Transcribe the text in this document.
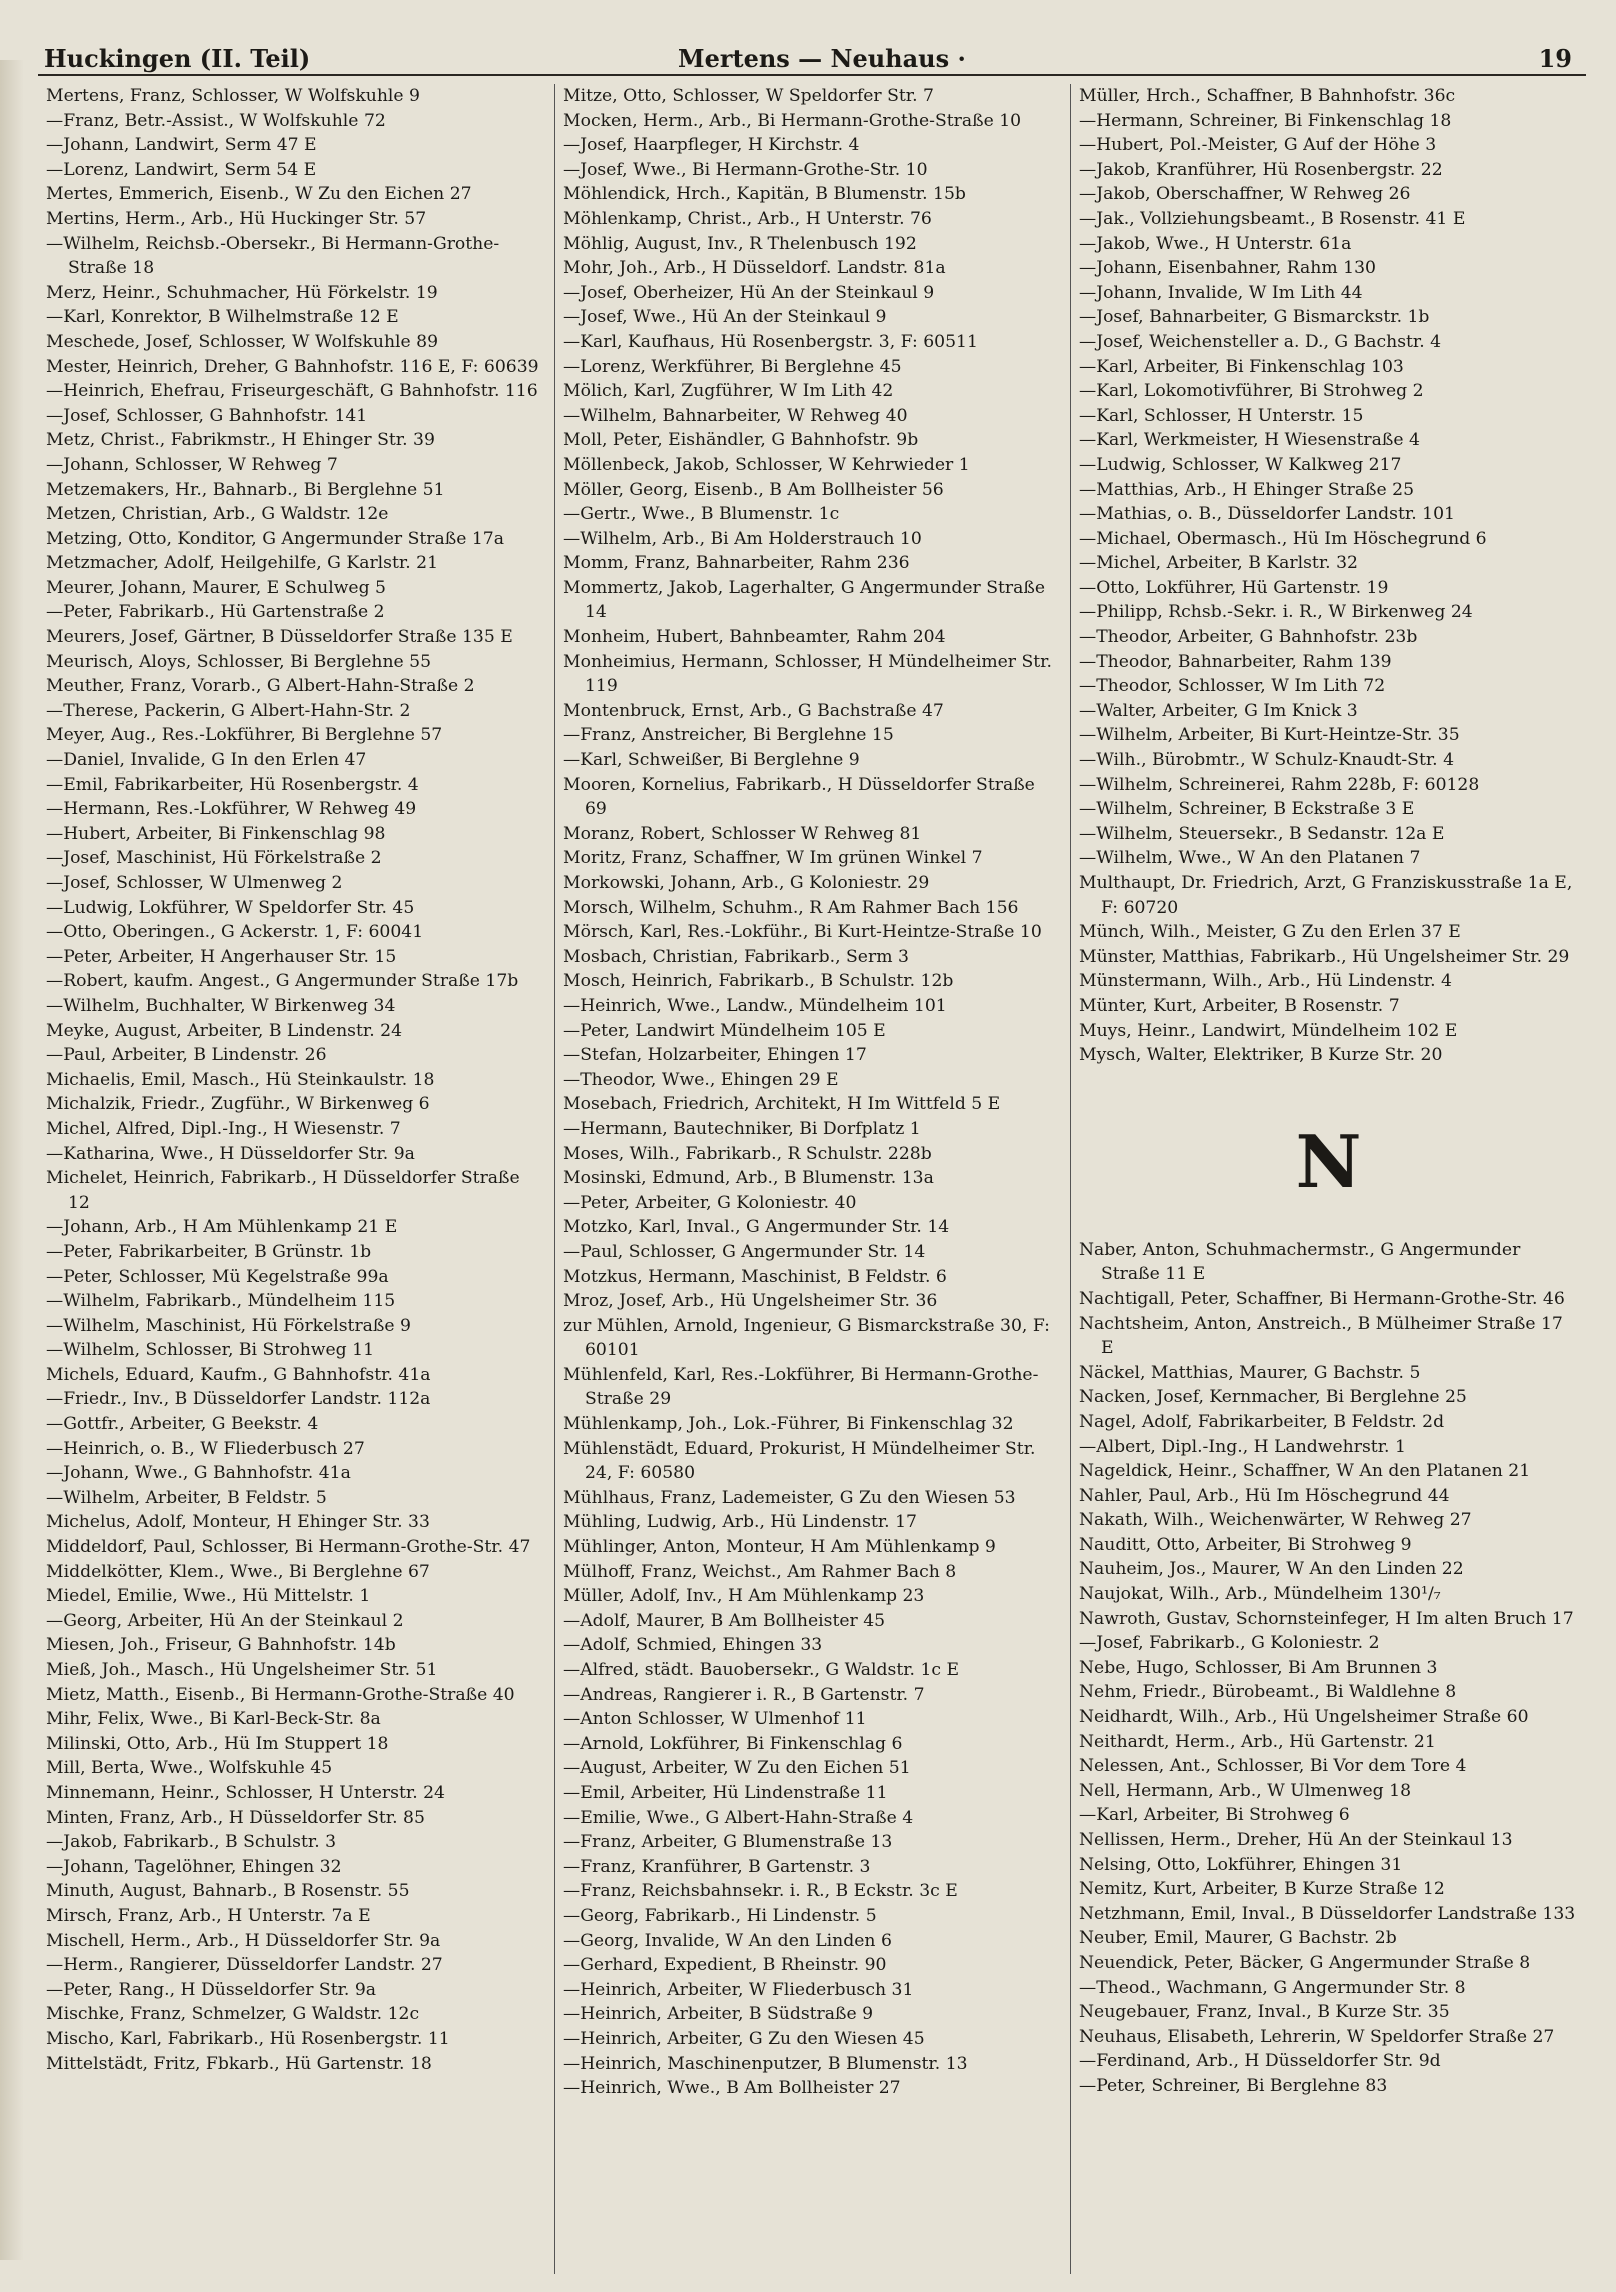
Huckingen (II. Teil)	Mertens — Neuhaus ·	19
Mertens, Franz, Schlosser, W Wolfskuhle 9
—Franz, Betr.-Assist., W Wolfskuhle 72
—Johann, Landwirt, Serm 47 E
—Lorenz, Landwirt, Serm 54 E
Mertes, Emmerich, Eisenb., W Zu den Eichen 27
Mertins, Herm., Arb., Hü Huckinger Str. 57
—Wilhelm, Reichsb.-Obersekr., Bi Hermann-Grothe-Straße 18
Merz, Heinr., Schuhmacher, Hü Förkelstr. 19
—Karl, Konrektor, B Wilhelmstraße 12 E
Meschede, Josef, Schlosser, W Wolfskuhle 89
Mester, Heinrich, Dreher, G Bahnhofstr. 116 E, F: 60639
—Heinrich, Ehefrau, Friseurgeschäft, G Bahnhofstr. 116
—Josef, Schlosser, G Bahnhofstr. 141
Metz, Christ., Fabrikmstr., H Ehinger Str. 39
—Johann, Schlosser, W Rehweg 7
Metzemakers, Hr., Bahnarb., Bi Berglehne 51
Metzen, Christian, Arb., G Waldstr. 12e
Metzing, Otto, Konditor, G Angermunder Straße 17a
Metzmacher, Adolf, Heilgehilfe, G Karlstr. 21
Meurer, Johann, Maurer, E Schulweg 5
—Peter, Fabrikarb., Hü Gartenstraße 2
Meurers, Josef, Gärtner, B Düsseldorfer Straße 135 E
Meurisch, Aloys, Schlosser, Bi Berglehne 55
Meuther, Franz, Vorarb., G Albert-Hahn-Straße 2
—Therese, Packerin, G Albert-Hahn-Str. 2
Meyer, Aug., Res.-Lokführer, Bi Berglehne 57
—Daniel, Invalide, G In den Erlen 47
—Emil, Fabrikarbeiter, Hü Rosenbergstr. 4
—Hermann, Res.-Lokführer, W Rehweg 49
—Hubert, Arbeiter, Bi Finkenschlag 98
—Josef, Maschinist, Hü Förkelstraße 2
—Josef, Schlosser, W Ulmenweg 2
—Ludwig, Lokführer, W Speldorfer Str. 45
—Otto, Oberingen., G Ackerstr. 1, F: 60041
—Peter, Arbeiter, H Angerhauser Str. 15
—Robert, kaufm. Angest., G Angermunder Straße 17b
—Wilhelm, Buchhalter, W Birkenweg 34
Meyke, August, Arbeiter, B Lindenstr. 24
—Paul, Arbeiter, B Lindenstr. 26
Michaelis, Emil, Masch., Hü Steinkaulstr. 18
Michalzik, Friedr., Zugführ., W Birkenweg 6
Michel, Alfred, Dipl.-Ing., H Wiesenstr. 7
—Katharina, Wwe., H Düsseldorfer Str. 9a
Michelet, Heinrich, Fabrikarb., H Düsseldorfer Straße 12
—Johann, Arb., H Am Mühlenkamp 21 E
—Peter, Fabrikarbeiter, B Grünstr. 1b
—Peter, Schlosser, Mü Kegelstraße 99a
—Wilhelm, Fabrikarb., Mündelheim 115
—Wilhelm, Maschinist, Hü Förkelstraße 9
—Wilhelm, Schlosser, Bi Strohweg 11
Michels, Eduard, Kaufm., G Bahnhofstr. 41a
—Friedr., Inv., B Düsseldorfer Landstr. 112a
—Gottfr., Arbeiter, G Beekstr. 4
—Heinrich, o. B., W Fliederbusch 27
—Johann, Wwe., G Bahnhofstr. 41a
—Wilhelm, Arbeiter, B Feldstr. 5
Michelus, Adolf, Monteur, H Ehinger Str. 33
Middeldorf, Paul, Schlosser, Bi Hermann-Grothe-Str. 47
Middelkötter, Klem., Wwe., Bi Berglehne 67
Miedel, Emilie, Wwe., Hü Mittelstr. 1
—Georg, Arbeiter, Hü An der Steinkaul 2
Miesen, Joh., Friseur, G Bahnhofstr. 14b
Mieß, Joh., Masch., Hü Ungelsheimer Str. 51
Mietz, Matth., Eisenb., Bi Hermann-Grothe-Straße 40
Mihr, Felix, Wwe., Bi Karl-Beck-Str. 8a
Milinski, Otto, Arb., Hü Im Stuppert 18
Mill, Berta, Wwe., Wolfskuhle 45
Minnemann, Heinr., Schlosser, H Unterstr. 24
Minten, Franz, Arb., H Düsseldorfer Str. 85
—Jakob, Fabrikarb., B Schulstr. 3
—Johann, Tagelöhner, Ehingen 32
Minuth, August, Bahnarb., B Rosenstr. 55
Mirsch, Franz, Arb., H Unterstr. 7a E
Mischell, Herm., Arb., H Düsseldorfer Str. 9a
—Herm., Rangierer, Düsseldorfer Landstr. 27
—Peter, Rang., H Düsseldorfer Str. 9a
Mischke, Franz, Schmelzer, G Waldstr. 12c
Mischo, Karl, Fabrikarb., Hü Rosenbergstr. 11
Mittelstädt, Fritz, Fbkarb., Hü Gartenstr. 18
Mitze, Otto, Schlosser, W Speldorfer Str. 7
Mocken, Herm., Arb., Bi Hermann-Grothe-Straße 10
—Josef, Haarpfleger, H Kirchstr. 4
—Josef, Wwe., Bi Hermann-Grothe-Str. 10
Möhlendick, Hrch., Kapitän, B Blumenstr. 15b
Möhlenkamp, Christ., Arb., H Unterstr. 76
Möhlig, August, Inv., R Thelenbusch 192
Mohr, Joh., Arb., H Düsseldorf. Landstr. 81a
—Josef, Oberheizer, Hü An der Steinkaul 9
—Josef, Wwe., Hü An der Steinkaul 9
—Karl, Kaufhaus, Hü Rosenbergstr. 3, F: 60511
—Lorenz, Werkführer, Bi Berglehne 45
Mölich, Karl, Zugführer, W Im Lith 42
—Wilhelm, Bahnarbeiter, W Rehweg 40
Moll, Peter, Eishändler, G Bahnhofstr. 9b
Möllenbeck, Jakob, Schlosser, W Kehrwieder 1
Möller, Georg, Eisenb., B Am Bollheister 56
—Gertr., Wwe., B Blumenstr. 1c
—Wilhelm, Arb., Bi Am Holderstrauch 10
Momm, Franz, Bahnarbeiter, Rahm 236
Mommertz, Jakob, Lagerhalter, G Angermunder Straße 14
Monheim, Hubert, Bahnbeamter, Rahm 204
Monheimius, Hermann, Schlosser, H Mündelheimer Str. 119
Montenbruck, Ernst, Arb., G Bachstraße 47
—Franz, Anstreicher, Bi Berglehne 15
—Karl, Schweißer, Bi Berglehne 9
Mooren, Kornelius, Fabrikarb., H Düsseldorfer Straße 69
Moranz, Robert, Schlosser W Rehweg 81
Moritz, Franz, Schaffner, W Im grünen Winkel 7
Morkowski, Johann, Arb., G Koloniestr. 29
Morsch, Wilhelm, Schuhm., R Am Rahmer Bach 156
Mörsch, Karl, Res.-Lokführ., Bi Kurt-Heintze-Straße 10
Mosbach, Christian, Fabrikarb., Serm 3
Mosch, Heinrich, Fabrikarb., B Schulstr. 12b
—Heinrich, Wwe., Landw., Mündelheim 101
—Peter, Landwirt Mündelheim 105 E
—Stefan, Holzarbeiter, Ehingen 17
—Theodor, Wwe., Ehingen 29 E
Mosebach, Friedrich, Architekt, H Im Wittfeld 5 E
—Hermann, Bautechniker, Bi Dorfplatz 1
Moses, Wilh., Fabrikarb., R Schulstr. 228b
Mosinski, Edmund, Arb., B Blumenstr. 13a
—Peter, Arbeiter, G Koloniestr. 40
Motzko, Karl, Inval., G Angermunder Str. 14
—Paul, Schlosser, G Angermunder Str. 14
Motzkus, Hermann, Maschinist, B Feldstr. 6
Mroz, Josef, Arb., Hü Ungelsheimer Str. 36
zur Mühlen, Arnold, Ingenieur, G Bismarckstraße 30, F: 60101
Mühlenfeld, Karl, Res.-Lokführer, Bi Hermann-Grothe-Straße 29
Mühlenkamp, Joh., Lok.-Führer, Bi Finkenschlag 32
Mühlenstädt, Eduard, Prokurist, H Mündelheimer Str. 24, F: 60580
Mühlhaus, Franz, Lademeister, G Zu den Wiesen 53
Mühling, Ludwig, Arb., Hü Lindenstr. 17
Mühlinger, Anton, Monteur, H Am Mühlenkamp 9
Mülhoff, Franz, Weichst., Am Rahmer Bach 8
Müller, Adolf, Inv., H Am Mühlenkamp 23
—Adolf, Maurer, B Am Bollheister 45
—Adolf, Schmied, Ehingen 33
—Alfred, städt. Bauobersekr., G Waldstr. 1c E
—Andreas, Rangierer i. R., B Gartenstr. 7
—Anton Schlosser, W Ulmenhof 11
—Arnold, Lokführer, Bi Finkenschlag 6
—August, Arbeiter, W Zu den Eichen 51
—Emil, Arbeiter, Hü Lindenstraße 11
—Emilie, Wwe., G Albert-Hahn-Straße 4
—Franz, Arbeiter, G Blumenstraße 13
—Franz, Kranführer, B Gartenstr. 3
—Franz, Reichsbahnsekr. i. R., B Eckstr. 3c E
—Georg, Fabrikarb., Hi Lindenstr. 5
—Georg, Invalide, W An den Linden 6
—Gerhard, Expedient, B Rheinstr. 90
—Heinrich, Arbeiter, W Fliederbusch 31
—Heinrich, Arbeiter, B Südstraße 9
—Heinrich, Arbeiter, G Zu den Wiesen 45
—Heinrich, Maschinenputzer, B Blumenstr. 13
—Heinrich, Wwe., B Am Bollheister 27
Müller, Hrch., Schaffner, B Bahnhofstr. 36c
—Hermann, Schreiner, Bi Finkenschlag 18
—Hubert, Pol.-Meister, G Auf der Höhe 3
—Jakob, Kranführer, Hü Rosenbergstr. 22
—Jakob, Oberschaffner, W Rehweg 26
—Jak., Vollziehungsbeamt., B Rosenstr. 41 E
—Jakob, Wwe., H Unterstr. 61a
—Johann, Eisenbahner, Rahm 130
—Johann, Invalide, W Im Lith 44
—Josef, Bahnarbeiter, G Bismarckstr. 1b
—Josef, Weichensteller a. D., G Bachstr. 4
—Karl, Arbeiter, Bi Finkenschlag 103
—Karl, Lokomotivführer, Bi Strohweg 2
—Karl, Schlosser, H Unterstr. 15
—Karl, Werkmeister, H Wiesenstraße 4
—Ludwig, Schlosser, W Kalkweg 217
—Matthias, Arb., H Ehinger Straße 25
—Mathias, o. B., Düsseldorfer Landstr. 101
—Michael, Obermasch., Hü Im Höschegrund 6
—Michel, Arbeiter, B Karlstr. 32
—Otto, Lokführer, Hü Gartenstr. 19
—Philipp, Rchsb.-Sekr. i. R., W Birkenweg 24
—Theodor, Arbeiter, G Bahnhofstr. 23b
—Theodor, Bahnarbeiter, Rahm 139
—Theodor, Schlosser, W Im Lith 72
—Walter, Arbeiter, G Im Knick 3
—Wilhelm, Arbeiter, Bi Kurt-Heintze-Str. 35
—Wilh., Bürobmtr., W Schulz-Knaudt-Str. 4
—Wilhelm, Schreinerei, Rahm 228b, F: 60128
—Wilhelm, Schreiner, B Eckstraße 3 E
—Wilhelm, Steuersekr., B Sedanstr. 12a E
—Wilhelm, Wwe., W An den Platanen 7
Multhaupt, Dr. Friedrich, Arzt, G Franziskusstraße 1a E, F: 60720
Münch, Wilh., Meister, G Zu den Erlen 37 E
Münster, Matthias, Fabrikarb., Hü Ungelsheimer Str. 29
Münstermann, Wilh., Arb., Hü Lindenstr. 4
Münter, Kurt, Arbeiter, B Rosenstr. 7
Muys, Heinr., Landwirt, Mündelheim 102 E
Mysch, Walter, Elektriker, B Kurze Str. 20
N
Naber, Anton, Schuhmachermstr., G Angermunder Straße 11 E
Nachtigall, Peter, Schaffner, Bi Hermann-Grothe-Str. 46
Nachtsheim, Anton, Anstreich., B Mülheimer Straße 17 E
Näckel, Matthias, Maurer, G Bachstr. 5
Nacken, Josef, Kernmacher, Bi Berglehne 25
Nagel, Adolf, Fabrikarbeiter, B Feldstr. 2d
—Albert, Dipl.-Ing., H Landwehrstr. 1
Nageldick, Heinr., Schaffner, W An den Platanen 21
Nahler, Paul, Arb., Hü Im Höschegrund 44
Nakath, Wilh., Weichenwärter, W Rehweg 27
Nauditt, Otto, Arbeiter, Bi Strohweg 9
Nauheim, Jos., Maurer, W An den Linden 22
Naujokat, Wilh., Arb., Mündelheim 130¹/₇
Nawroth, Gustav, Schornsteinfeger, H Im alten Bruch 17
—Josef, Fabrikarb., G Koloniestr. 2
Nebe, Hugo, Schlosser, Bi Am Brunnen 3
Nehm, Friedr., Bürobeamt., Bi Waldlehne 8
Neidhardt, Wilh., Arb., Hü Ungelsheimer Straße 60
Neithardt, Herm., Arb., Hü Gartenstr. 21
Nelessen, Ant., Schlosser, Bi Vor dem Tore 4
Nell, Hermann, Arb., W Ulmenweg 18
—Karl, Arbeiter, Bi Strohweg 6
Nellissen, Herm., Dreher, Hü An der Steinkaul 13
Nelsing, Otto, Lokführer, Ehingen 31
Nemitz, Kurt, Arbeiter, B Kurze Straße 12
Netzhmann, Emil, Inval., B Düsseldorfer Landstraße 133
Neuber, Emil, Maurer, G Bachstr. 2b
Neuendick, Peter, Bäcker, G Angermunder Straße 8
—Theod., Wachmann, G Angermunder Str. 8
Neugebauer, Franz, Inval., B Kurze Str. 35
Neuhaus, Elisabeth, Lehrerin, W Speldorfer Straße 27
—Ferdinand, Arb., H Düsseldorfer Str. 9d
—Peter, Schreiner, Bi Berglehne 83
